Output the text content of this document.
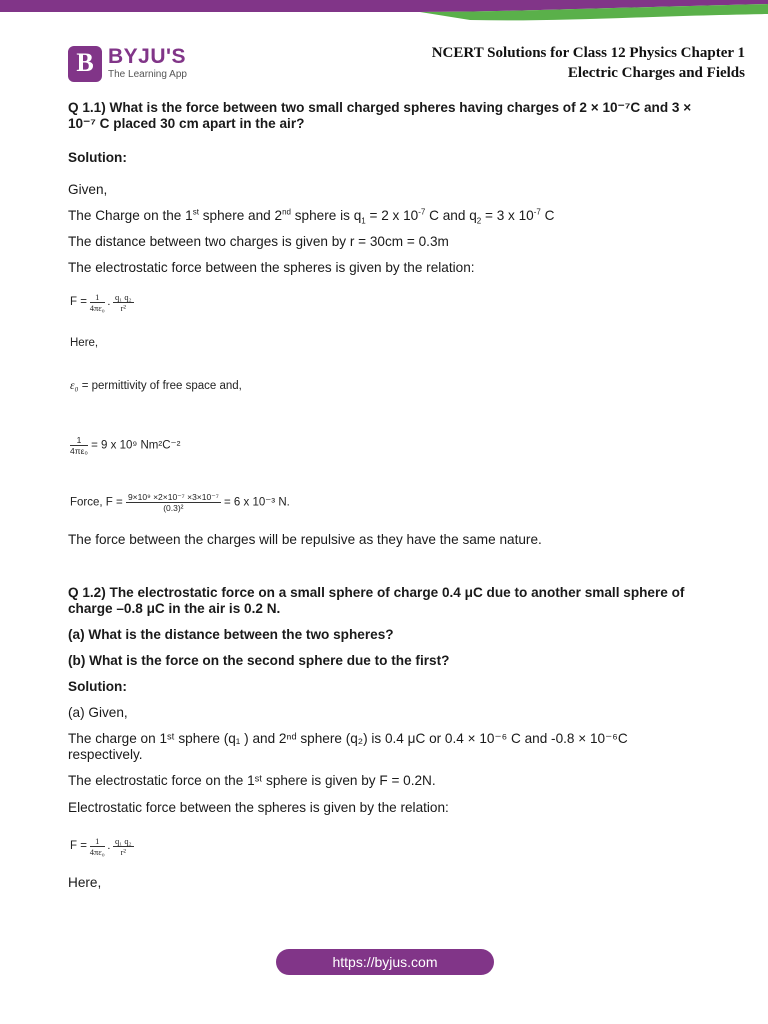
B BYJU'S
The Learning App
NCERT Solutions for Class 12 Physics Chapter 1
Electric Charges and Fields
Q 1.1) What is the force between two small charged spheres having charges of 2 × 10⁻⁷C and 3 ×
10⁻⁷ C placed 30 cm apart in the air?
Solution:
Given,
The Charge on the 1st sphere and 2nd sphere is $q_1 = 2$ x $10^{-7}$ C and $q_2 = 3$ x $10^{-7}$ C
The distance between two charges is given by r = 30cm = 0.3m
The electrostatic force between the spheres is given by the relation:
$F = \frac{1}{\text{4πε₀}}$ . $\frac{\text{q₁ q₂}}{\text{r²}}$
Here,
ε₀ = permittivity of free space and,
$\frac{1}{\text{4πε₀}} = 9$ x 10⁹ Nm²C⁻²
Force, $F = \frac{\text{9×10⁹ ×2×10⁻⁷ ×3×10⁻⁷}}{\text{(0.3)²}} = 6$ x 10⁻³ N.
The force between the charges will be repulsive as they have the same nature.
Q 1.2) The electrostatic force on a small sphere of charge 0.4 μC due to another small sphere of
charge –0.8 μC in the air is 0.2 N.
(a) What is the distance between the two spheres?
(b) What is the force on the second sphere due to the first?
Solution:
(a) Given,
The charge on 1ˢᵗ sphere (q₁ ) and 2ⁿᵈ sphere (q₂) is 0.4 μC or 0.4 × 10⁻⁶ C and -0.8 × 10⁻⁶C
respectively.
The electrostatic force on the 1ˢᵗ sphere is given by F = 0.2N.
Electrostatic force between the spheres is given by the relation:
$F = \frac{1}{\text{4πε₀}}$ . $\frac{\text{q₁ q₂}}{\text{r²}}$
Here,
https://byjus.com
